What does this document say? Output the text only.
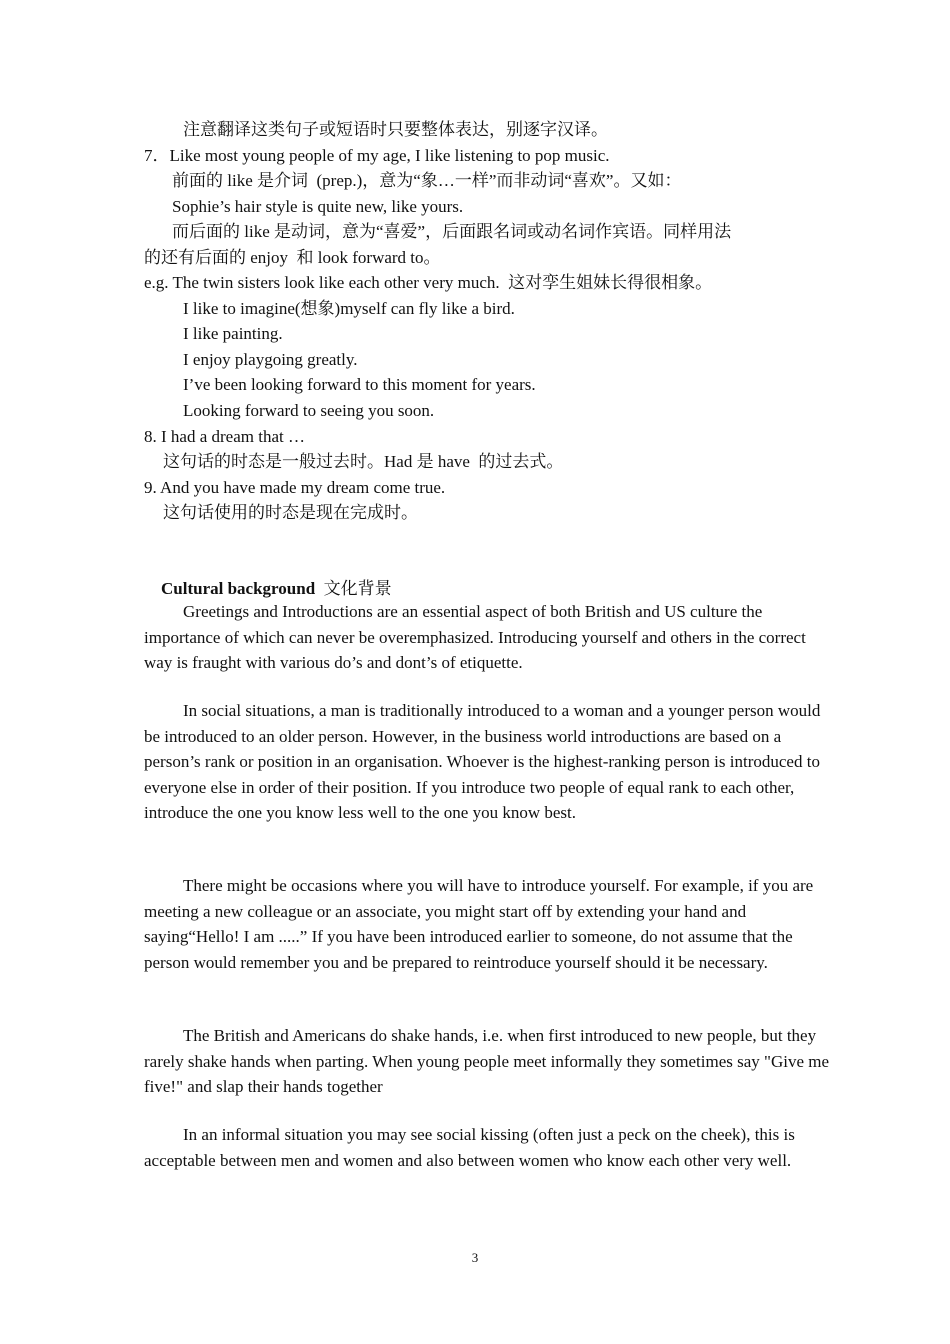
注意翻译这类句子或短语时只要整体表达，别逐字汉译。
7．Like most young people of my age, I like listening to pop music.
前面的 like 是介词  (prep.)，意为“象…一样”而非动词“喜欢”。又如：
Sophie’s hair style is quite new, like yours.
而后面的 like 是动词，意为“喜爱”，后面跟名词或动名词作宾语。同样用法
的还有后面的 enjoy  和 look forward to。
e.g. The twin sisters look like each other very much.  这对孪生姐妹长得很相象。
I like to imagine(想象)myself can fly like a bird.
I like painting.
I enjoy playgoing greatly.
I’ve been looking forward to this moment for years.
Looking forward to seeing you soon.
8. I had a dream that …
这句话的时态是一般过去时。Had 是 have  的过去式。
9. And you have made my dream come true.
这句话使用的时态是现在完成时。

Cultural background 文化背景

Greetings and Introductions are an essential aspect of both British and US culture the importance of which can never be overemphasized. Introducing yourself and others in the correct way is fraught with various do’s and dont’s of etiquette.

In social situations, a man is traditionally introduced to a woman and a younger person would be introduced to an older person. However, in the business world introductions are based on a person’s rank or position in an organisation. Whoever is the highest-ranking person is introduced to everyone else in order of their position. If you introduce two people of equal rank to each other, introduce the one you know less well to the one you know best.

There might be occasions where you will have to introduce yourself. For example, if you are meeting a new colleague or an associate, you might start off by extending your hand and saying“Hello! I am .....” If you have been introduced earlier to someone, do not assume that the person would remember you and be prepared to reintroduce yourself should it be necessary.

The British and Americans do shake hands, i.e. when first introduced to new people, but they rarely shake hands when parting. When young people meet informally they sometimes say "Give me five!" and slap their hands together

In an informal situation you may see social kissing (often just a peck on the cheek), this is acceptable between men and women and also between women who know each other very well.

3
